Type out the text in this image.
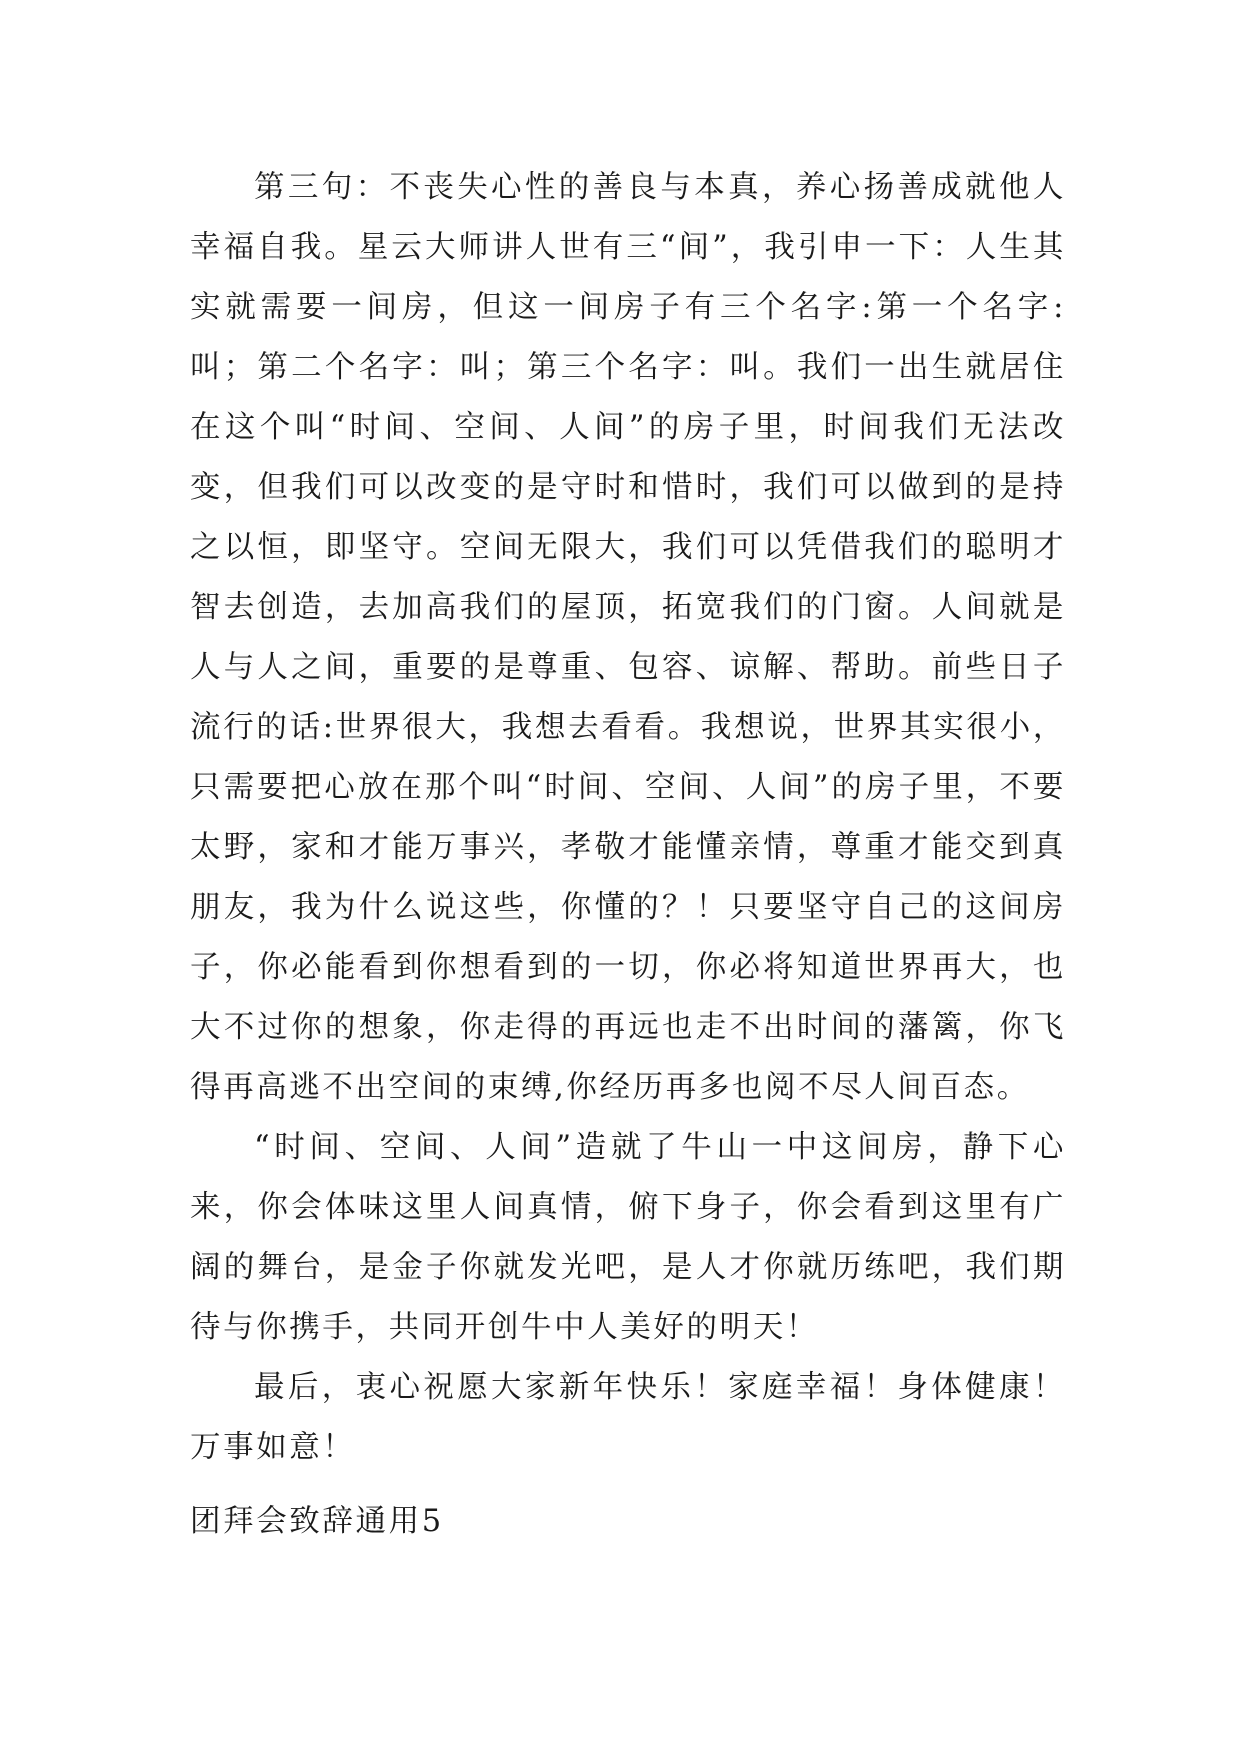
第三句：不丧失心性的善良与本真，养心扬善成就他人幸福自我。星云大师讲人世有三“间”，我引申一下：人生其实就需要一间房，但这一间房子有三个名字:第一个名字:叫；第二个名字：叫；第三个名字：叫。我们一出生就居住在这个叫“时间、空间、人间”的房子里，时间我们无法改变，但我们可以改变的是守时和惜时，我们可以做到的是持之以恒，即坚守。空间无限大，我们可以凭借我们的聪明才智去创造，去加高我们的屋顶，拓宽我们的门窗。人间就是人与人之间，重要的是尊重、包容、谅解、帮助。前些日子流行的话:世界很大，我想去看看。我想说，世界其实很小，只需要把心放在那个叫“时间、空间、人间”的房子里，不要太野，家和才能万事兴，孝敬才能懂亲情，尊重才能交到真朋友，我为什么说这些，你懂的？！只要坚守自己的这间房子，你必能看到你想看到的一切，你必将知道世界再大，也大不过你的想象，你走得的再远也走不出时间的藩篱，你飞得再高逃不出空间的束缚,你经历再多也阅不尽人间百态。

“时间、空间、人间”造就了牛山一中这间房，静下心来，你会体味这里人间真情，俯下身子，你会看到这里有广阔的舞台，是金子你就发光吧，是人才你就历练吧，我们期待与你携手，共同开创牛中人美好的明天！

最后，衷心祝愿大家新年快乐！家庭幸福！身体健康！万事如意！

团拜会致辞通用5
